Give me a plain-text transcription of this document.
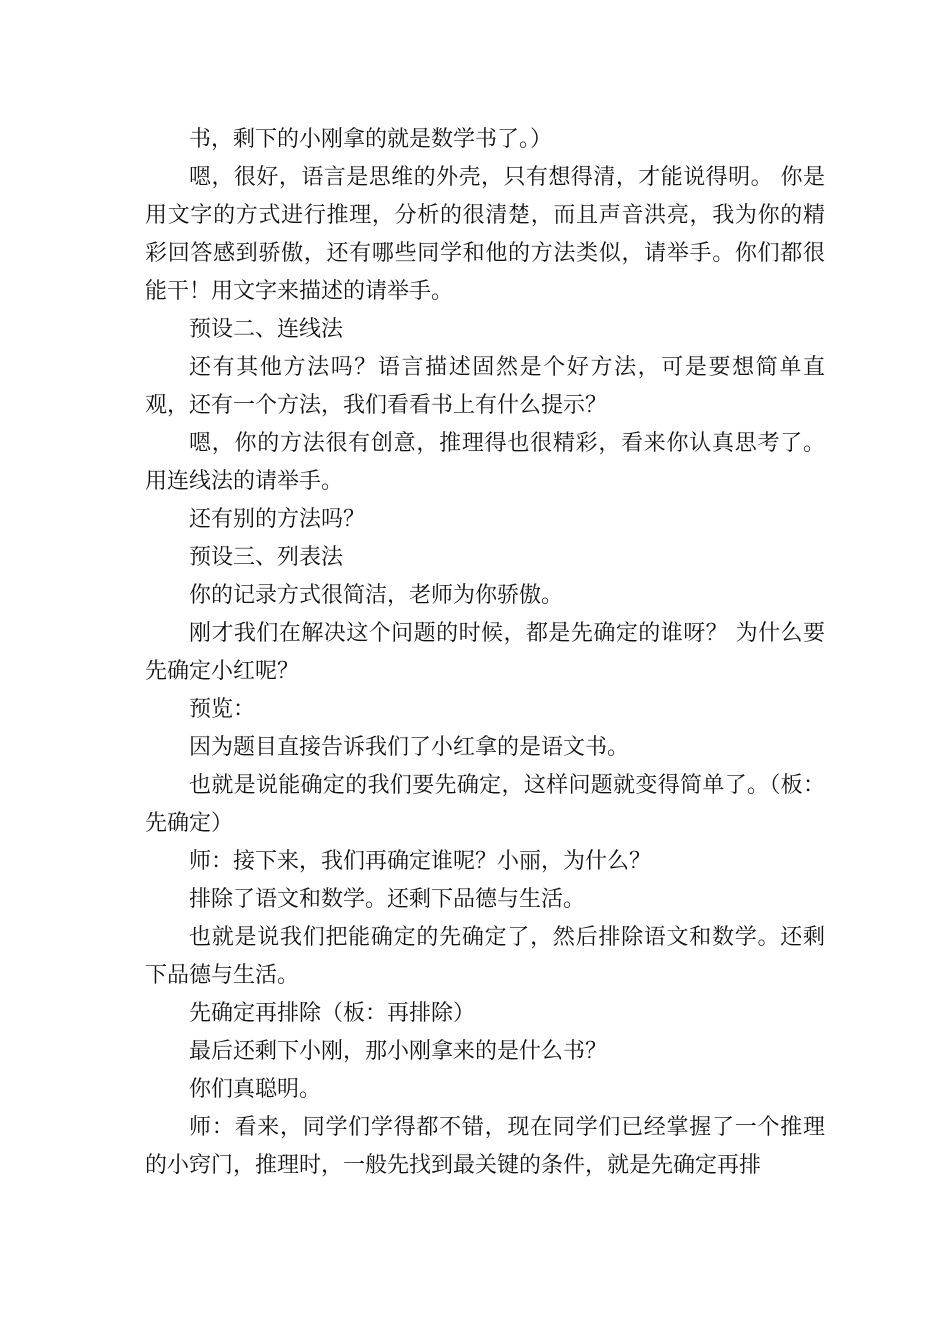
书，剩下的小刚拿的就是数学书了。）

嗯，很好，语言是思维的外壳，只有想得清，才能说得明。 你是用文字的方式进行推理，分析的很清楚，而且声音洪亮，我为你的精彩回答感到骄傲，还有哪些同学和他的方法类似，请举手。你们都很能干！用文字来描述的请举手。

预设二、连线法

还有其他方法吗？语言描述固然是个好方法，可是要想简单直观，还有一个方法，我们看看书上有什么提示？

嗯，你的方法很有创意，推理得也很精彩，看来你认真思考了。用连线法的请举手。

还有别的方法吗？

预设三、列表法

你的记录方式很简洁，老师为你骄傲。

刚才我们在解决这个问题的时候，都是先确定的谁呀？ 为什么要先确定小红呢？

预览：

因为题目直接告诉我们了小红拿的是语文书。

也就是说能确定的我们要先确定，这样问题就变得简单了。（板：先确定）

师：接下来，我们再确定谁呢？小丽，为什么？

排除了语文和数学。还剩下品德与生活。

也就是说我们把能确定的先确定了，然后排除语文和数学。还剩下品德与生活。

先确定再排除（板：再排除）

最后还剩下小刚，那小刚拿来的是什么书？

你们真聪明。

师：看来，同学们学得都不错，现在同学们已经掌握了一个推理的小窍门，推理时，一般先找到最关键的条件，就是先确定再排
